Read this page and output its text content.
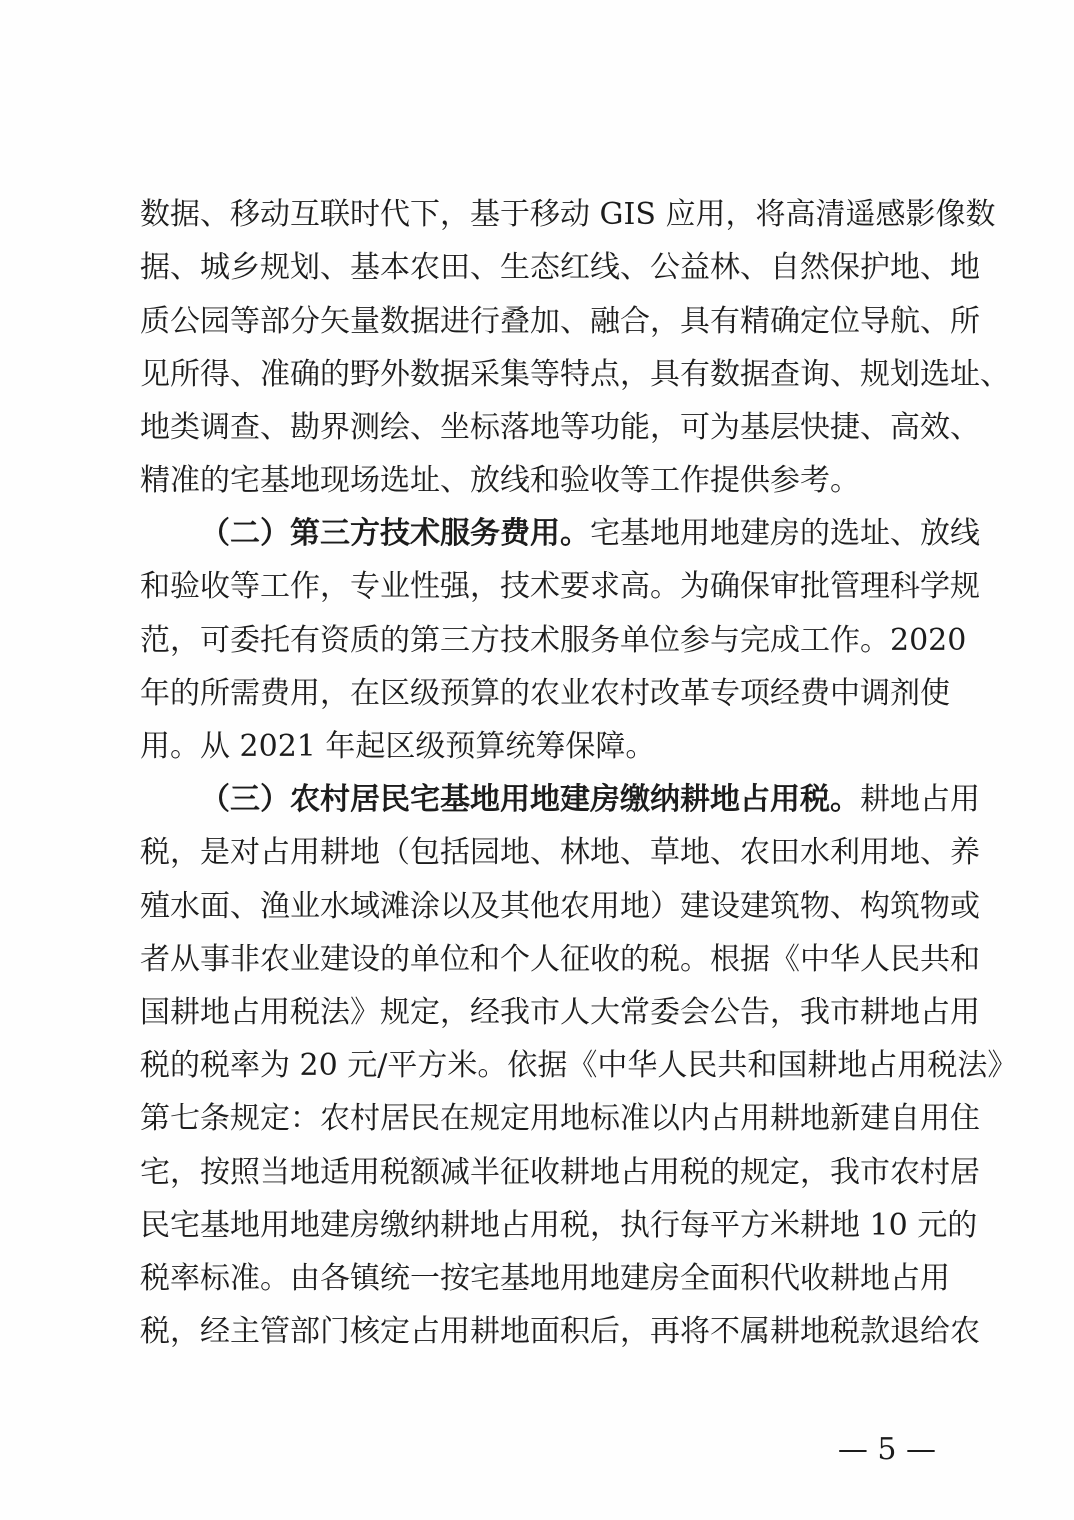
数据、移动互联时代下，基于移动 GIS 应用，将高清遥感影像数
据、城乡规划、基本农田、生态红线、公益林、自然保护地、地
质公园等部分矢量数据进行叠加、融合，具有精确定位导航、所
见所得、准确的野外数据采集等特点，具有数据查询、规划选址、
地类调查、勘界测绘、坐标落地等功能，可为基层快捷、高效、
精准的宅基地现场选址、放线和验收等工作提供参考。
（二）第三方技术服务费用。宅基地用地建房的选址、放线
和验收等工作，专业性强，技术要求高。为确保审批管理科学规
范，可委托有资质的第三方技术服务单位参与完成工作。2020
年的所需费用，在区级预算的农业农村改革专项经费中调剂使
用。从 2021 年起区级预算统筹保障。
（三）农村居民宅基地用地建房缴纳耕地占用税。耕地占用
税，是对占用耕地（包括园地、林地、草地、农田水利用地、养
殖水面、渔业水域滩涂以及其他农用地）建设建筑物、构筑物或
者从事非农业建设的单位和个人征收的税。根据《中华人民共和
国耕地占用税法》规定，经我市人大常委会公告，我市耕地占用
税的税率为 20 元/平方米。依据《中华人民共和国耕地占用税法》
第七条规定：农村居民在规定用地标准以内占用耕地新建自用住
宅，按照当地适用税额减半征收耕地占用税的规定，我市农村居
民宅基地用地建房缴纳耕地占用税，执行每平方米耕地 10 元的
税率标准。由各镇统一按宅基地用地建房全面积代收耕地占用
税，经主管部门核定占用耕地面积后，再将不属耕地税款退给农
— 5 —
